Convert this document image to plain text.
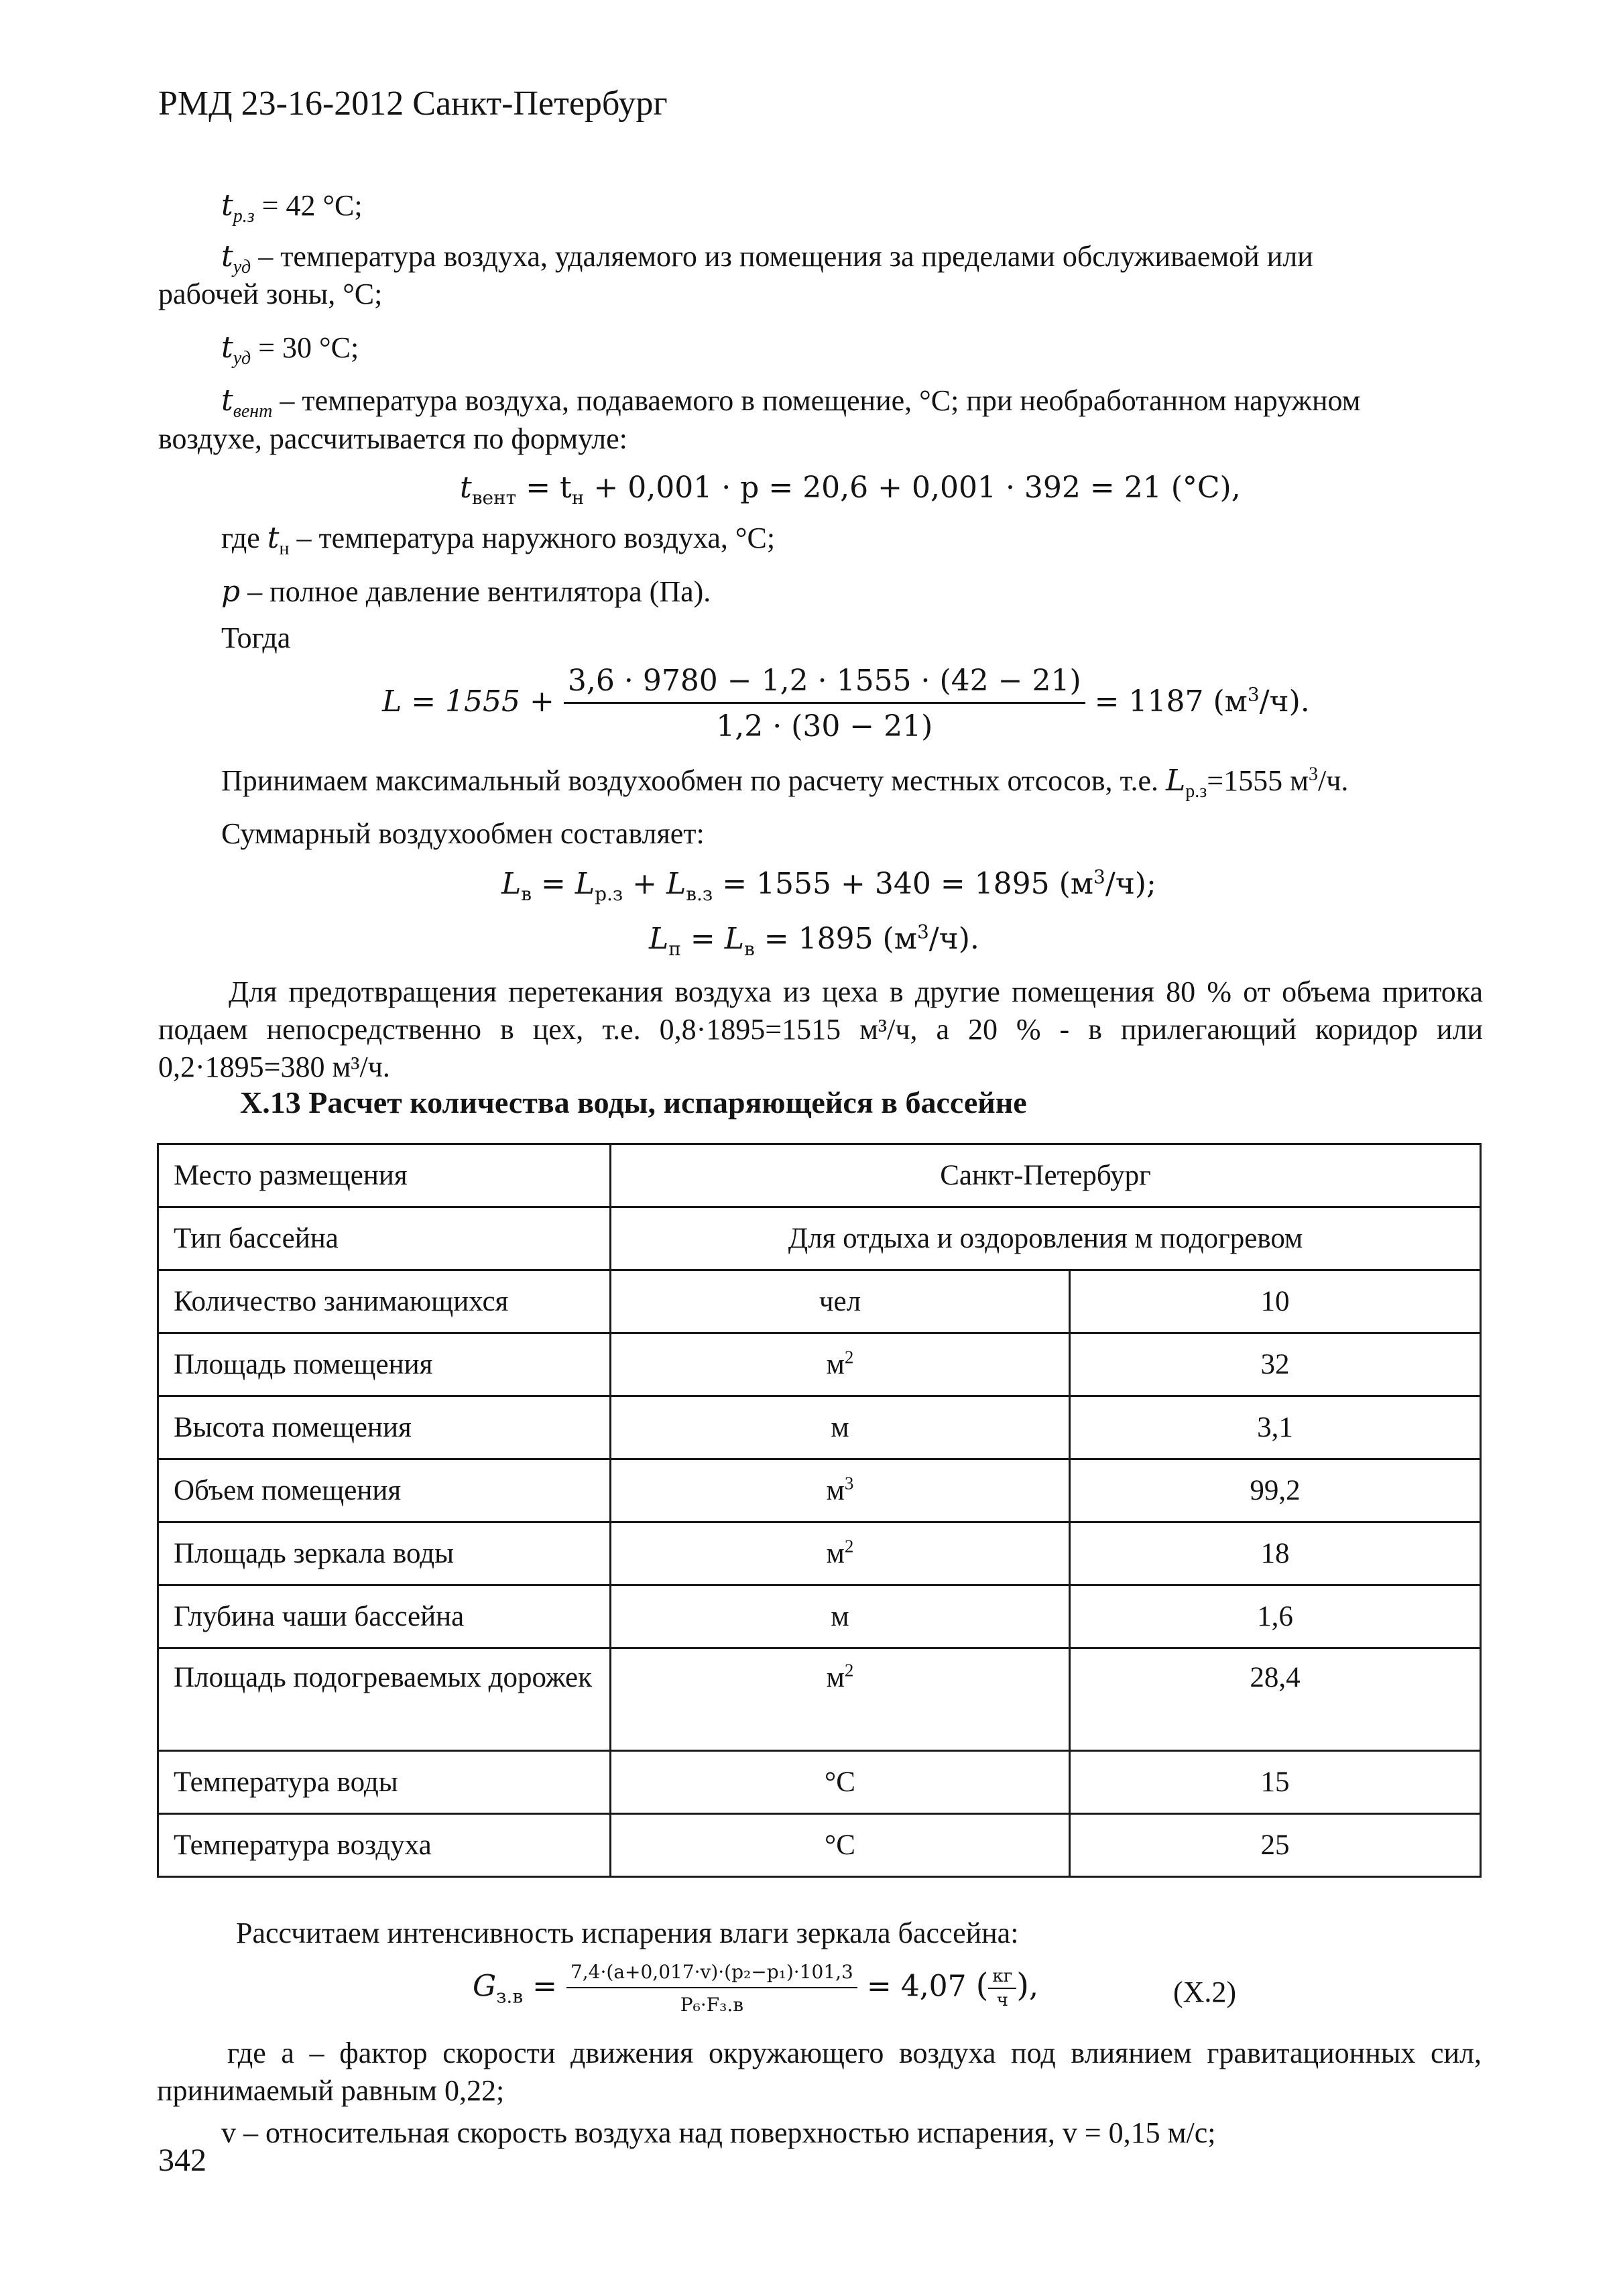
РМД 23-16-2012 Санкт-Петербург
$t_{р.з} = 42$ °С;
$t_{уд}$ – температура воздуха, удаляемого из помещения за пределами обслуживаемой или
рабочей зоны, °С;
$t_{уд} = 30$ °С;
$t_{вент}$ – температура воздуха, подаваемого в помещение, °С; при необработанном наружном
воздухе, рассчитывается по формуле:
$t_{вент} = t_н + 0,001 \cdot p = 20,6 + 0,001 \cdot 392 = 21$ (°С),
где $t_н$ – температура наружного воздуха, °С;
p – полное давление вентилятора (Па).
Тогда
$L = 1555 + \frac{3,6 \cdot 9780 - 1,2 \cdot 1555 \cdot (42 - 21)}{1,2 \cdot (30 - 21)} = 1187$ $(м^3/ч)$.
Принимаем максимальный воздухообмен по расчету местных отсосов, т.е. $L_{р.з}=1555$ $м^3/ч$.
Суммарный воздухообмен составляет:
$L_в = L_{р.з} + L_{в.з} = 1555 + 340 = 1895$ $(м^3/ч)$;
$L_п = L_в = 1895$ $(м^3/ч)$.
Для предотвращения перетекания воздуха из цеха в другие помещения 80 % от объема притока подаем непосредственно в цех, т.е. 0,8·1895=1515 м³/ч, а 20 % - в прилегающий коридор или 0,2·1895=380 м³/ч.
Х.13 Расчет количества воды, испаряющейся в бассейне
Место размещения	Санкт-Петербург	
Тип бассейна	Для отдыха и оздоровления м подогревом	
Количество занимающихся	чел	10
Площадь помещения	$м^2$	32
Высота помещения	м	3,1
Объем помещения	$м^3$	99,2
Площадь зеркала воды	$м^2$	18
Глубина чаши бассейна	м	1,6
Площадь подогреваемых дорожек	$м^2$	28,4
Температура воды	°С	15
Температура воздуха	°С	25
Рассчитаем интенсивность испарения влаги зеркала бассейна:
$G_{з.в} = \frac{\text{7,4·(a+0,017·v)·(p₂−p₁)·101,3}}{\text{P₆·F₃.в}} = 4,07$ ( $\frac{кг}{ч}$ ),	(Х.2)
где а – фактор скорости движения окружающего воздуха под влиянием гравитационных сил, принимаемый равным 0,22;
v – относительная скорость воздуха над поверхностью испарения, v = 0,15 м/с;
342
